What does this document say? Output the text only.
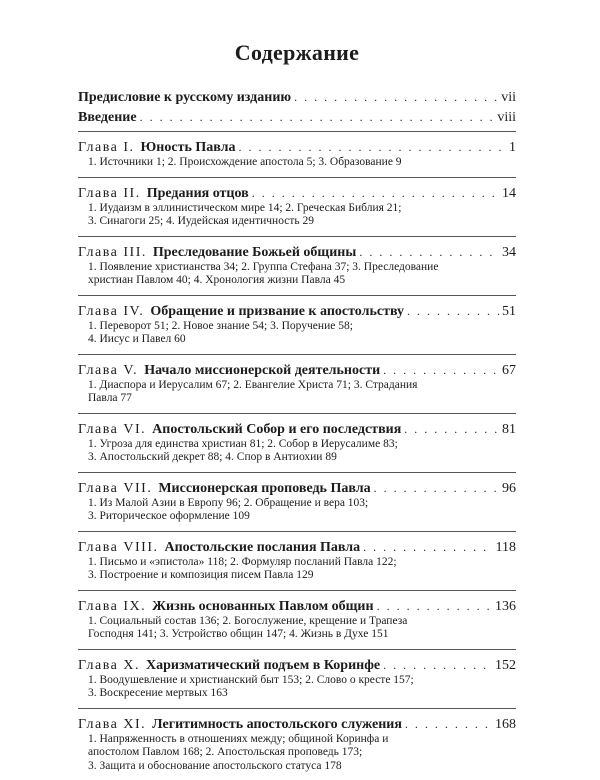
Содержание
Предисловие к русскому изданию . . .	vii
Введение . . .	viii
Глава I. Юность Павла . . .	1
1. Источники 1; 2. Происхождение апостола 5; 3. Образование 9
Глава II. Предания отцов . . .	14
1. Иудаизм в эллинистическом мире 14; 2. Греческая Библия 21;
3. Синагоги 25; 4. Иудейская идентичность 29
Глава III. Преследование Божьей общины . . .	34
1. Появление христианства 34; 2. Группа Стефана 37; 3. Преследование
христиан Павлом 40; 4. Хронология жизни Павла 45
Глава IV. Обращение и призвание к апостольству . . .	51
1. Переворот 51; 2. Новое знание 54; 3. Поручение 58;
4. Иисус и Павел 60
Глава V. Начало миссионерской деятельности . . .	67
1. Диаспора и Иерусалим 67; 2. Евангелие Христа 71; 3. Страдания
Павла 77
Глава VI. Апостольский Собор и его последствия . . .	81
1. Угроза для единства христиан 81; 2. Собор в Иерусалиме 83;
3. Апостольский декрет 88; 4. Спор в Антиохии 89
Глава VII. Миссионерская проповедь Павла . . .	96
1. Из Малой Азии в Европу 96; 2. Обращение и вера 103;
3. Риторическое оформление 109
Глава VIII. Апостольские послания Павла . . .	118
1. Письмо и «эпистола» 118; 2. Формуляр посланий Павла 122;
3. Построение и композиция писем Павла 129
Глава IX. Жизнь основанных Павлом общин . . .	136
1. Социальный состав 136; 2. Богослужение, крещение и Трапеза
Господня 141; 3. Устройство общин 147; 4. Жизнь в Духе 151
Глава X. Харизматический подъем в Коринфе . . .	152
1. Воодушевление и христианский быт 153; 2. Слово о кресте 157;
3. Воскресение мертвых 163
Глава XI. Легитимность апостольского служения . . .	168
1. Напряженность в отношениях между; общиной Коринфа и
апостолом Павлом 168; 2. Апостольская проповедь 173;
3. Защита и обоснование апостольского статуса 178
